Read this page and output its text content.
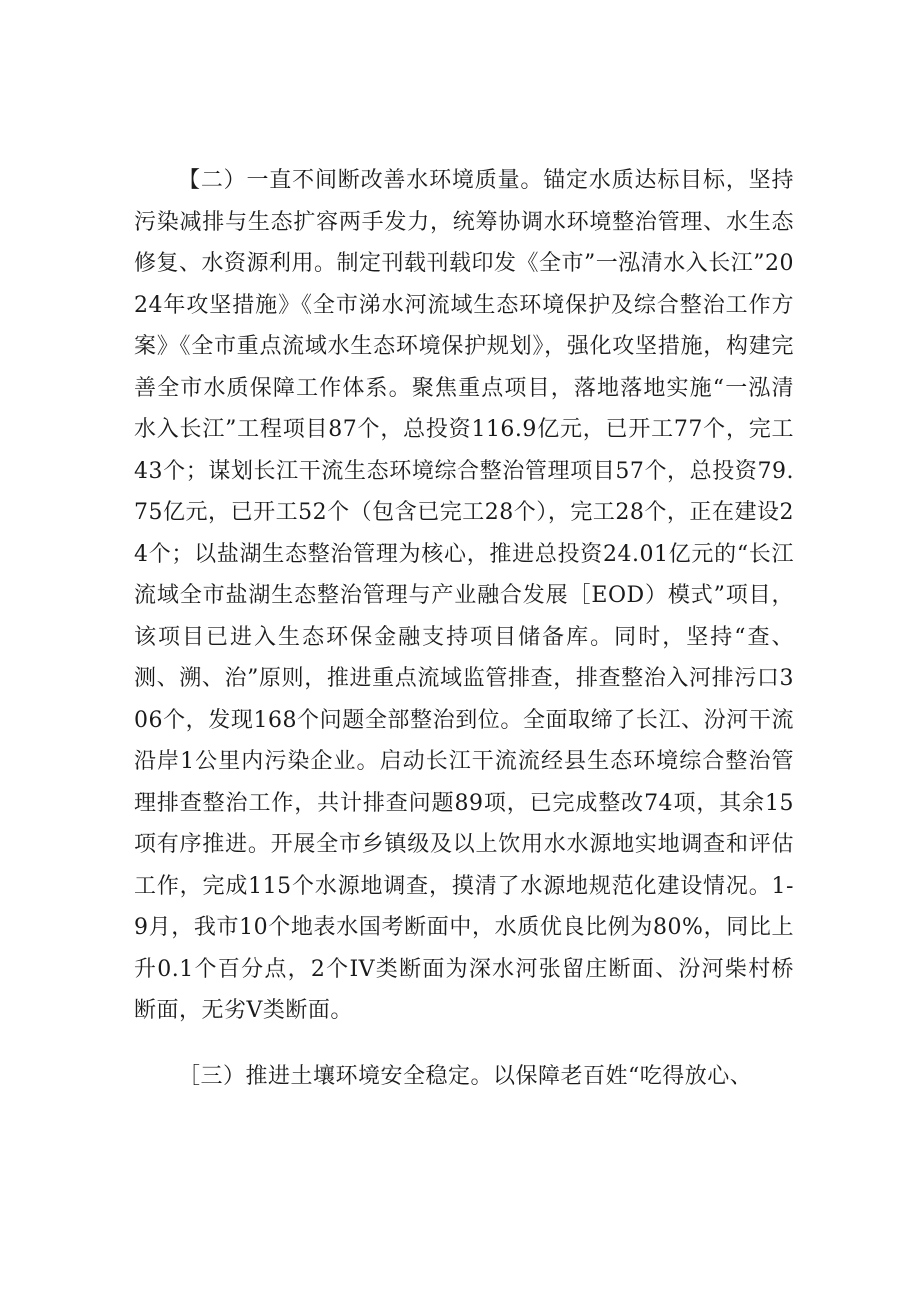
【二）一直不间断改善水环境质量。锚定水质达标目标，坚持污染减排与生态扩容两手发力，统筹协调水环境整治管理、水生态修复、水资源利用。制定刊载刊载印发《全市”一泓清水入长江”2024年攻坚措施》《全市涕水河流域生态环境保护及综合整治工作方案》《全市重点流域水生态环境保护规划》，强化攻坚措施，构建完善全市水质保障工作体系。聚焦重点项目，落地落地实施“一泓清水入长江”工程项目87个，总投资116.9亿元，已开工77个，完工43个；谋划长江干流生态环境综合整治管理项目57个，总投资79.75亿元，已开工52个（包含已完工28个），完工28个，正在建设24个；以盐湖生态整治管理为核心，推进总投资24.01亿元的“长江流域全市盐湖生态整治管理与产业融合发展［EOD）模式”项目，该项目已进入生态环保金融支持项目储备库。同时，坚持“查、测、溯、治”原则，推进重点流域监管排查，排查整治入河排污口306个，发现168个问题全部整治到位。全面取缔了长江、汾河干流沿岸1公里内污染企业。启动长江干流流经县生态环境综合整治管理排查整治工作，共计排查问题89项，已完成整改74项，其余15项有序推进。开展全市乡镇级及以上饮用水水源地实地调查和评估工作，完成115个水源地调查，摸清了水源地规范化建设情况。1-9月，我市10个地表水国考断面中，水质优良比例为80%，同比上升0.1个百分点，2个IV类断面为深水河张留庄断面、汾河柴村桥断面，无劣V类断面。

［三）推进土壤环境安全稳定。以保障老百姓“吃得放心、
